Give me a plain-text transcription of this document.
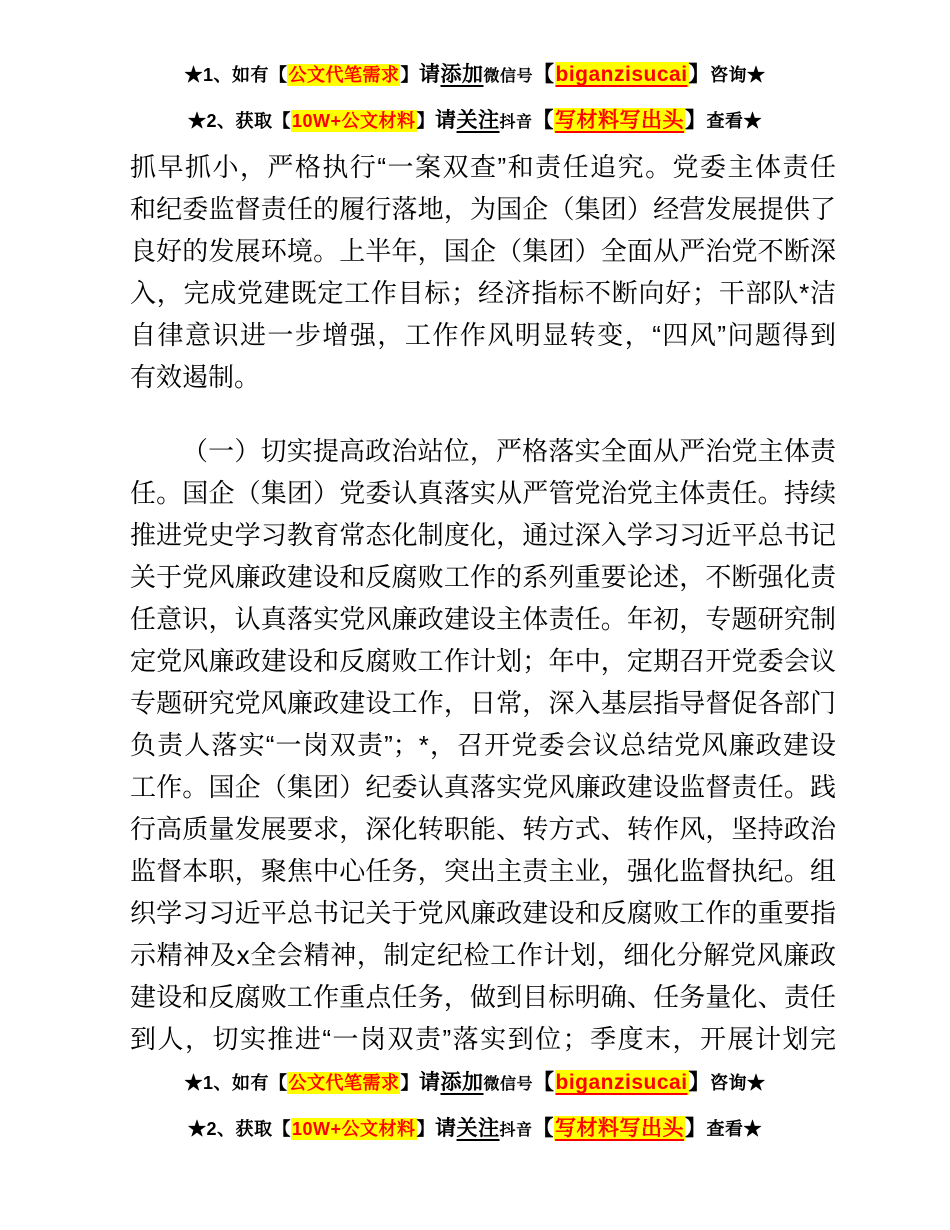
★1、如有【公文代笔需求】请添加微信号【biganzisucai】咨询★
★2、获取【10W+公文材料】请关注抖音【写材料写出头】查看★
抓早抓小，严格执行“一案双查”和责任追究。党委主体责任
和纪委监督责任的履行落地，为国企（集团）经营发展提供了
良好的发展环境。上半年，国企（集团）全面从严治党不断深
入，完成党建既定工作目标；经济指标不断向好；干部队*洁
自律意识进一步增强，工作作风明显转变，“四风”问题得到
有效遏制。
（一）切实提高政治站位，严格落实全面从严治党主体责
任。国企（集团）党委认真落实从严管党治党主体责任。持续
推进党史学习教育常态化制度化，通过深入学习习近平总书记
关于党风廉政建设和反腐败工作的系列重要论述，不断强化责
任意识，认真落实党风廉政建设主体责任。年初，专题研究制
定党风廉政建设和反腐败工作计划；年中，定期召开党委会议
专题研究党风廉政建设工作，日常，深入基层指导督促各部门
负责人落实“一岗双责”；*，召开党委会议总结党风廉政建设
工作。国企（集团）纪委认真落实党风廉政建设监督责任。践
行高质量发展要求，深化转职能、转方式、转作风，坚持政治
监督本职，聚焦中心任务，突出主责主业，强化监督执纪。组
织学习习近平总书记关于党风廉政建设和反腐败工作的重要指
示精神及x全会精神，制定纪检工作计划，细化分解党风廉政
建设和反腐败工作重点任务，做到目标明确、任务量化、责任
到人，切实推进“一岗双责”落实到位；季度末，开展计划完
★1、如有【公文代笔需求】请添加微信号【biganzisucai】咨询★
★2、获取【10W+公文材料】请关注抖音【写材料写出头】查看★
